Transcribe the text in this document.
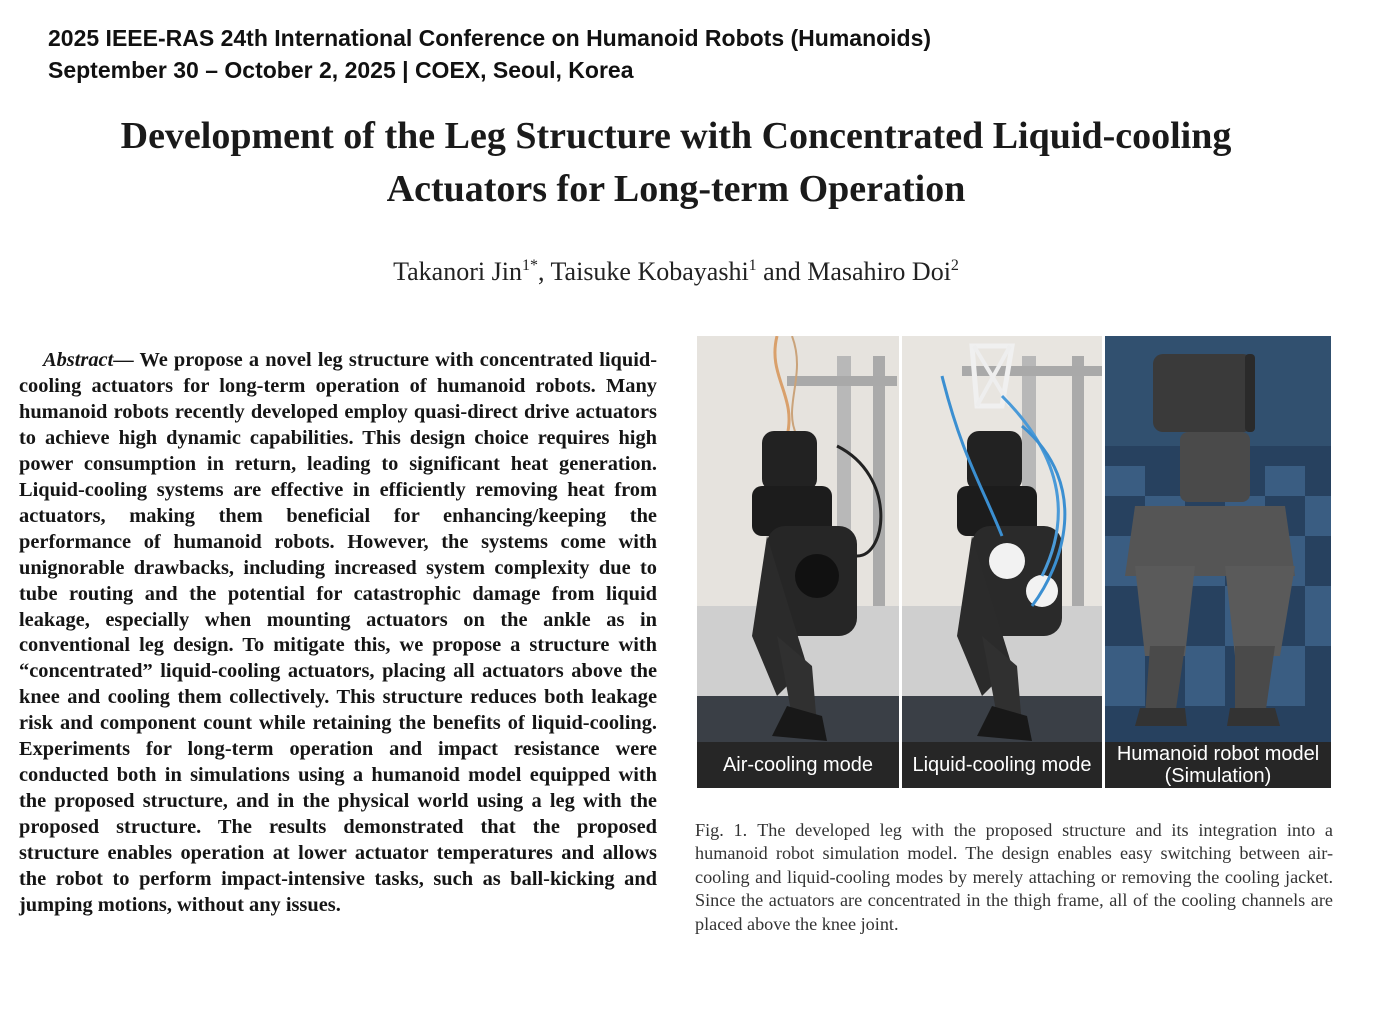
2025 IEEE-RAS 24th International Conference on Humanoid Robots (Humanoids)
September 30 – October 2, 2025 | COEX, Seoul, Korea
Development of the Leg Structure with Concentrated Liquid-cooling
Actuators for Long-term Operation
Takanori Jin$^{1*}$, Taisuke Kobayashi$^1$ and Masahiro Doi$^2$
Abstract— We propose a novel leg structure with concentrated liquid-cooling actuators for long-term operation of humanoid robots. Many humanoid robots recently developed employ quasi-direct drive actuators to achieve high dynamic capabilities. This design choice requires high power consumption in return, leading to significant heat generation. Liquid-cooling systems are effective in efficiently removing heat from actuators, making them beneficial for enhancing/keeping the performance of humanoid robots. However, the systems come with unignorable drawbacks, including increased system complexity due to tube routing and the potential for catastrophic damage from liquid leakage, especially when mounting actuators on the ankle as in conventional leg design. To mitigate this, we propose a structure with “concentrated” liquid-cooling actuators, placing all actuators above the knee and cooling them collectively. This structure reduces both leakage risk and component count while retaining the benefits of liquid-cooling. Experiments for long-term operation and impact resistance were conducted both in simulations using a humanoid model equipped with the proposed structure, and in the physical world using a leg with the proposed structure. The results demonstrated that the proposed structure enables operation at lower actuator temperatures and allows the robot to perform impact-intensive tasks, such as ball-kicking and jumping motions, without any issues.
Air-cooling mode	Liquid-cooling mode	Humanoid robot model (Simulation)
Fig. 1. The developed leg with the proposed structure and its integration into a humanoid robot simulation model. The design enables easy switching between air-cooling and liquid-cooling modes by merely attaching or removing the cooling jacket. Since the actuators are concentrated in the thigh frame, all of the cooling channels are placed above the knee joint.
